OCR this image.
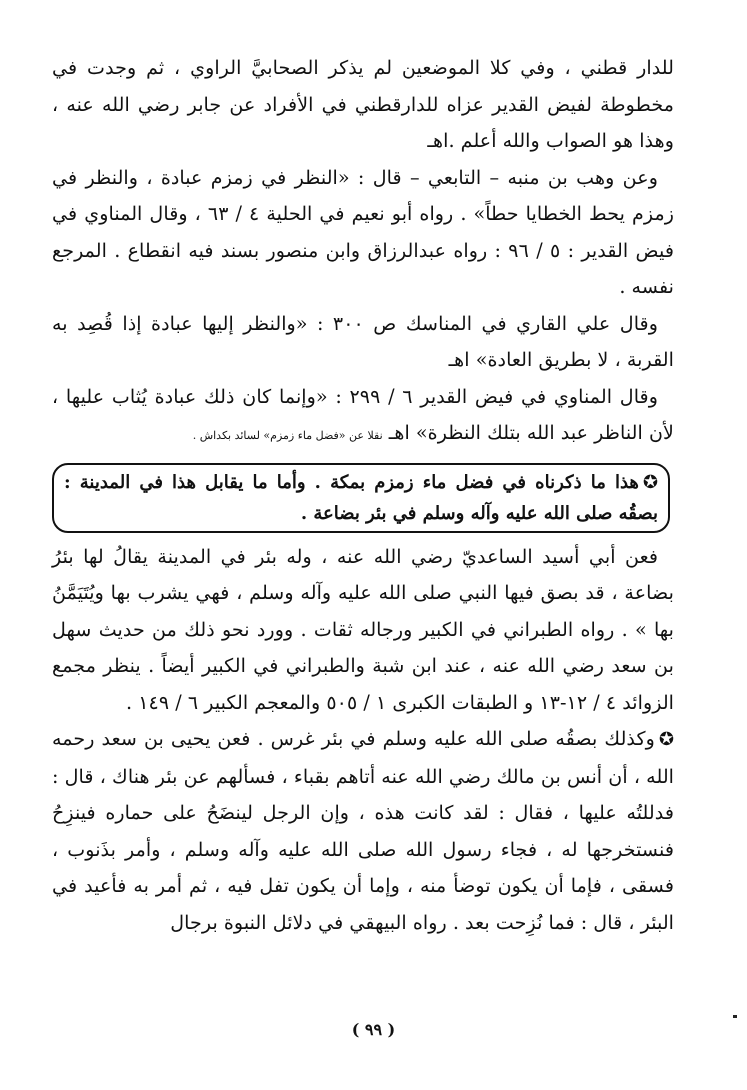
للدار قطني ، وفي كلا الموضعين لم يذكر الصحابيَّ الراوي ، ثم وجدت في مخطوطة لفيض القدير عزاه للدارقطني في الأفراد عن جابر رضي الله عنه ، وهذا هو الصواب والله أعلم .اهـ

وعن وهب بن منبه – التابعي – قال : «النظر في زمزم عبادة ، والنظر في زمزم يحط الخطايا حطاً» . رواه أبو نعيم في الحلية ٤ / ٦٣ ، وقال المناوي في فيض القدير : ٥ / ٩٦ : رواه عبدالرزاق وابن منصور بسند فيه انقطاع . المرجع نفسه .

وقال علي القاري في المناسك ص ٣٠٠ : «والنظر إليها عبادة إذا قُصِد به القربة ، لا بطريق العادة» اهـ

وقال المناوي في فيض القدير ٦ / ٢٩٩ : «وإنما كان ذلك عبادة يُثاب عليها ، لأن الناظر عبد الله بتلك النظرة» اهـ نقلا عن «فضل ماء زمزم» لسائد بكداش .

✪هذا ما ذكرناه في فضل ماء زمزم بمكة . وأما ما يقابل هذا في المدينة : بصقُه صلى الله عليه وآله وسلم في بئر بضاعة .

فعن أبي أسيد الساعديّ رضي الله عنه ، وله بئر في المدينة يقالُ لها بئرُ بضاعة ، قد بصق فيها النبي صلى الله عليه وآله وسلم ، فهي يشرب بها ويُتَيَمَّنُ بها » . رواه الطبراني في الكبير ورجاله ثقات . وورد نحو ذلك من حديث سهل بن سعد رضي الله عنه ، عند ابن شبة والطبراني في الكبير أيضاً . ينظر مجمع الزوائد ٤ / ١٢-١٣ و الطبقات الكبرى ١ / ٥٠٥ والمعجم الكبير ٦ / ١٤٩ .

✪وكذلك بصقُه صلى الله عليه وسلم في بئر غرس . فعن يحيى بن سعد رحمه الله ، أن أنس بن مالك رضي الله عنه أتاهم بقباء ، فسألهم عن بئر هناك ، قال : فدللتُه عليها ، فقال : لقد كانت هذه ، وإن الرجل لينضَحُ على حماره فينزِحُ فنستخرجها له ، فجاء رسول الله صلى الله عليه وآله وسلم ، وأمر بذَنوب ، فسقى ، فإما أن يكون توضأ منه ، وإما أن يكون تفل فيه ، ثم أمر به فأعيد في البئر ، قال : فما نُزِحت بعد . رواه البيهقي في دلائل النبوة برجال

( ٩٩ )
